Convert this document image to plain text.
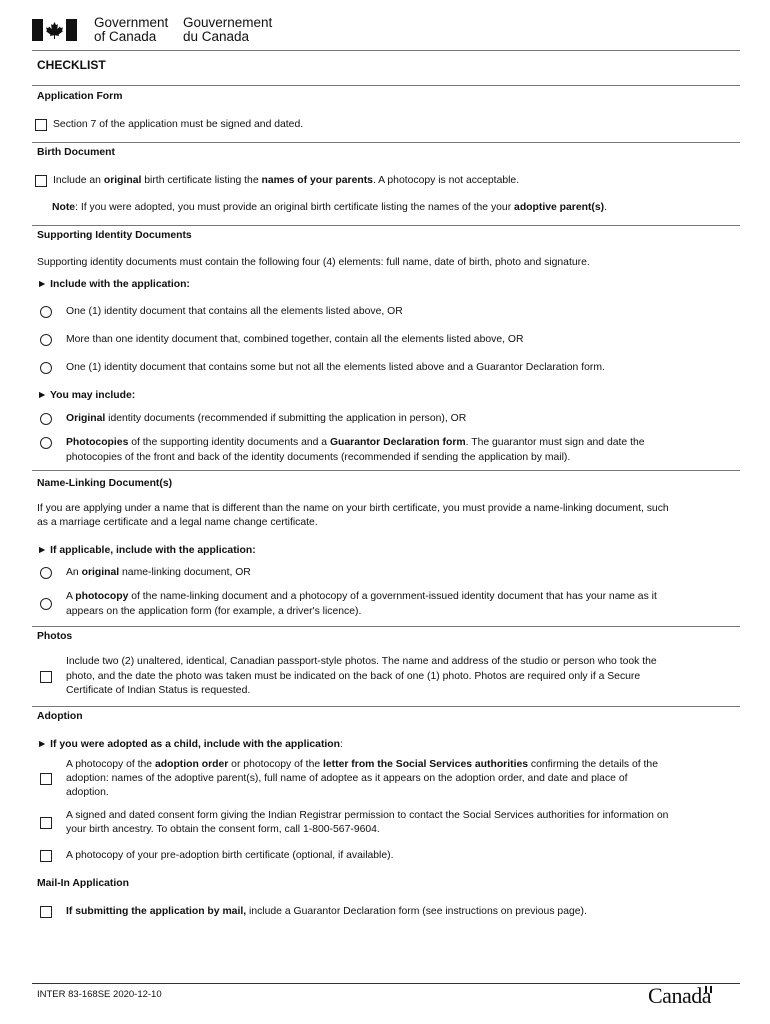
Government
of Canada
Gouvernement
du Canada
CHECKLIST
Application Form
Section 7 of the application must be signed and dated.
Birth Document
Include an original birth certificate listing the names of your parents. A photocopy is not acceptable.
Note: If you were adopted, you must provide an original birth certificate listing the names of the your adoptive parent(s).
Supporting Identity Documents
Supporting identity documents must contain the following four (4) elements: full name, date of birth, photo and signature.
► Include with the application:
One (1) identity document that contains all the elements listed above, OR
More than one identity document that, combined together, contain all the elements listed above, OR
One (1) identity document that contains some but not all the elements listed above and a Guarantor Declaration form.
► You may include:
Original identity documents (recommended if submitting the application in person), OR
Photocopies of the supporting identity documents and a Guarantor Declaration form. The guarantor must sign and date the
photocopies of the front and back of the identity documents (recommended if sending the application by mail).
Name-Linking Document(s)
If you are applying under a name that is different than the name on your birth certificate, you must provide a name-linking document, such
as a marriage certificate and a legal name change certificate.
► If applicable, include with the application:
An original name-linking document, OR
A photocopy of the name-linking document and a photocopy of a government-issued identity document that has your name as it
appears on the application form (for example, a driver's licence).
Photos
Include two (2) unaltered, identical, Canadian passport-style photos. The name and address of the studio or person who took the
photo, and the date the photo was taken must be indicated on the back of one (1) photo. Photos are required only if a Secure
Certificate of Indian Status is requested.
Adoption
► If you were adopted as a child, include with the application:
A photocopy of the adoption order or photocopy of the letter from the Social Services authorities confirming the details of the
adoption: names of the adoptive parent(s), full name of adoptee as it appears on the adoption order, and date and place of
adoption.
A signed and dated consent form giving the Indian Registrar permission to contact the Social Services authorities for information on
your birth ancestry. To obtain the consent form, call 1-800-567-9604.
A photocopy of your pre-adoption birth certificate (optional, if available).
Mail-In Application
If submitting the application by mail, include a Guarantor Declaration form (see instructions on previous page).
INTER 83-168SE 2020-12-10	Canada
